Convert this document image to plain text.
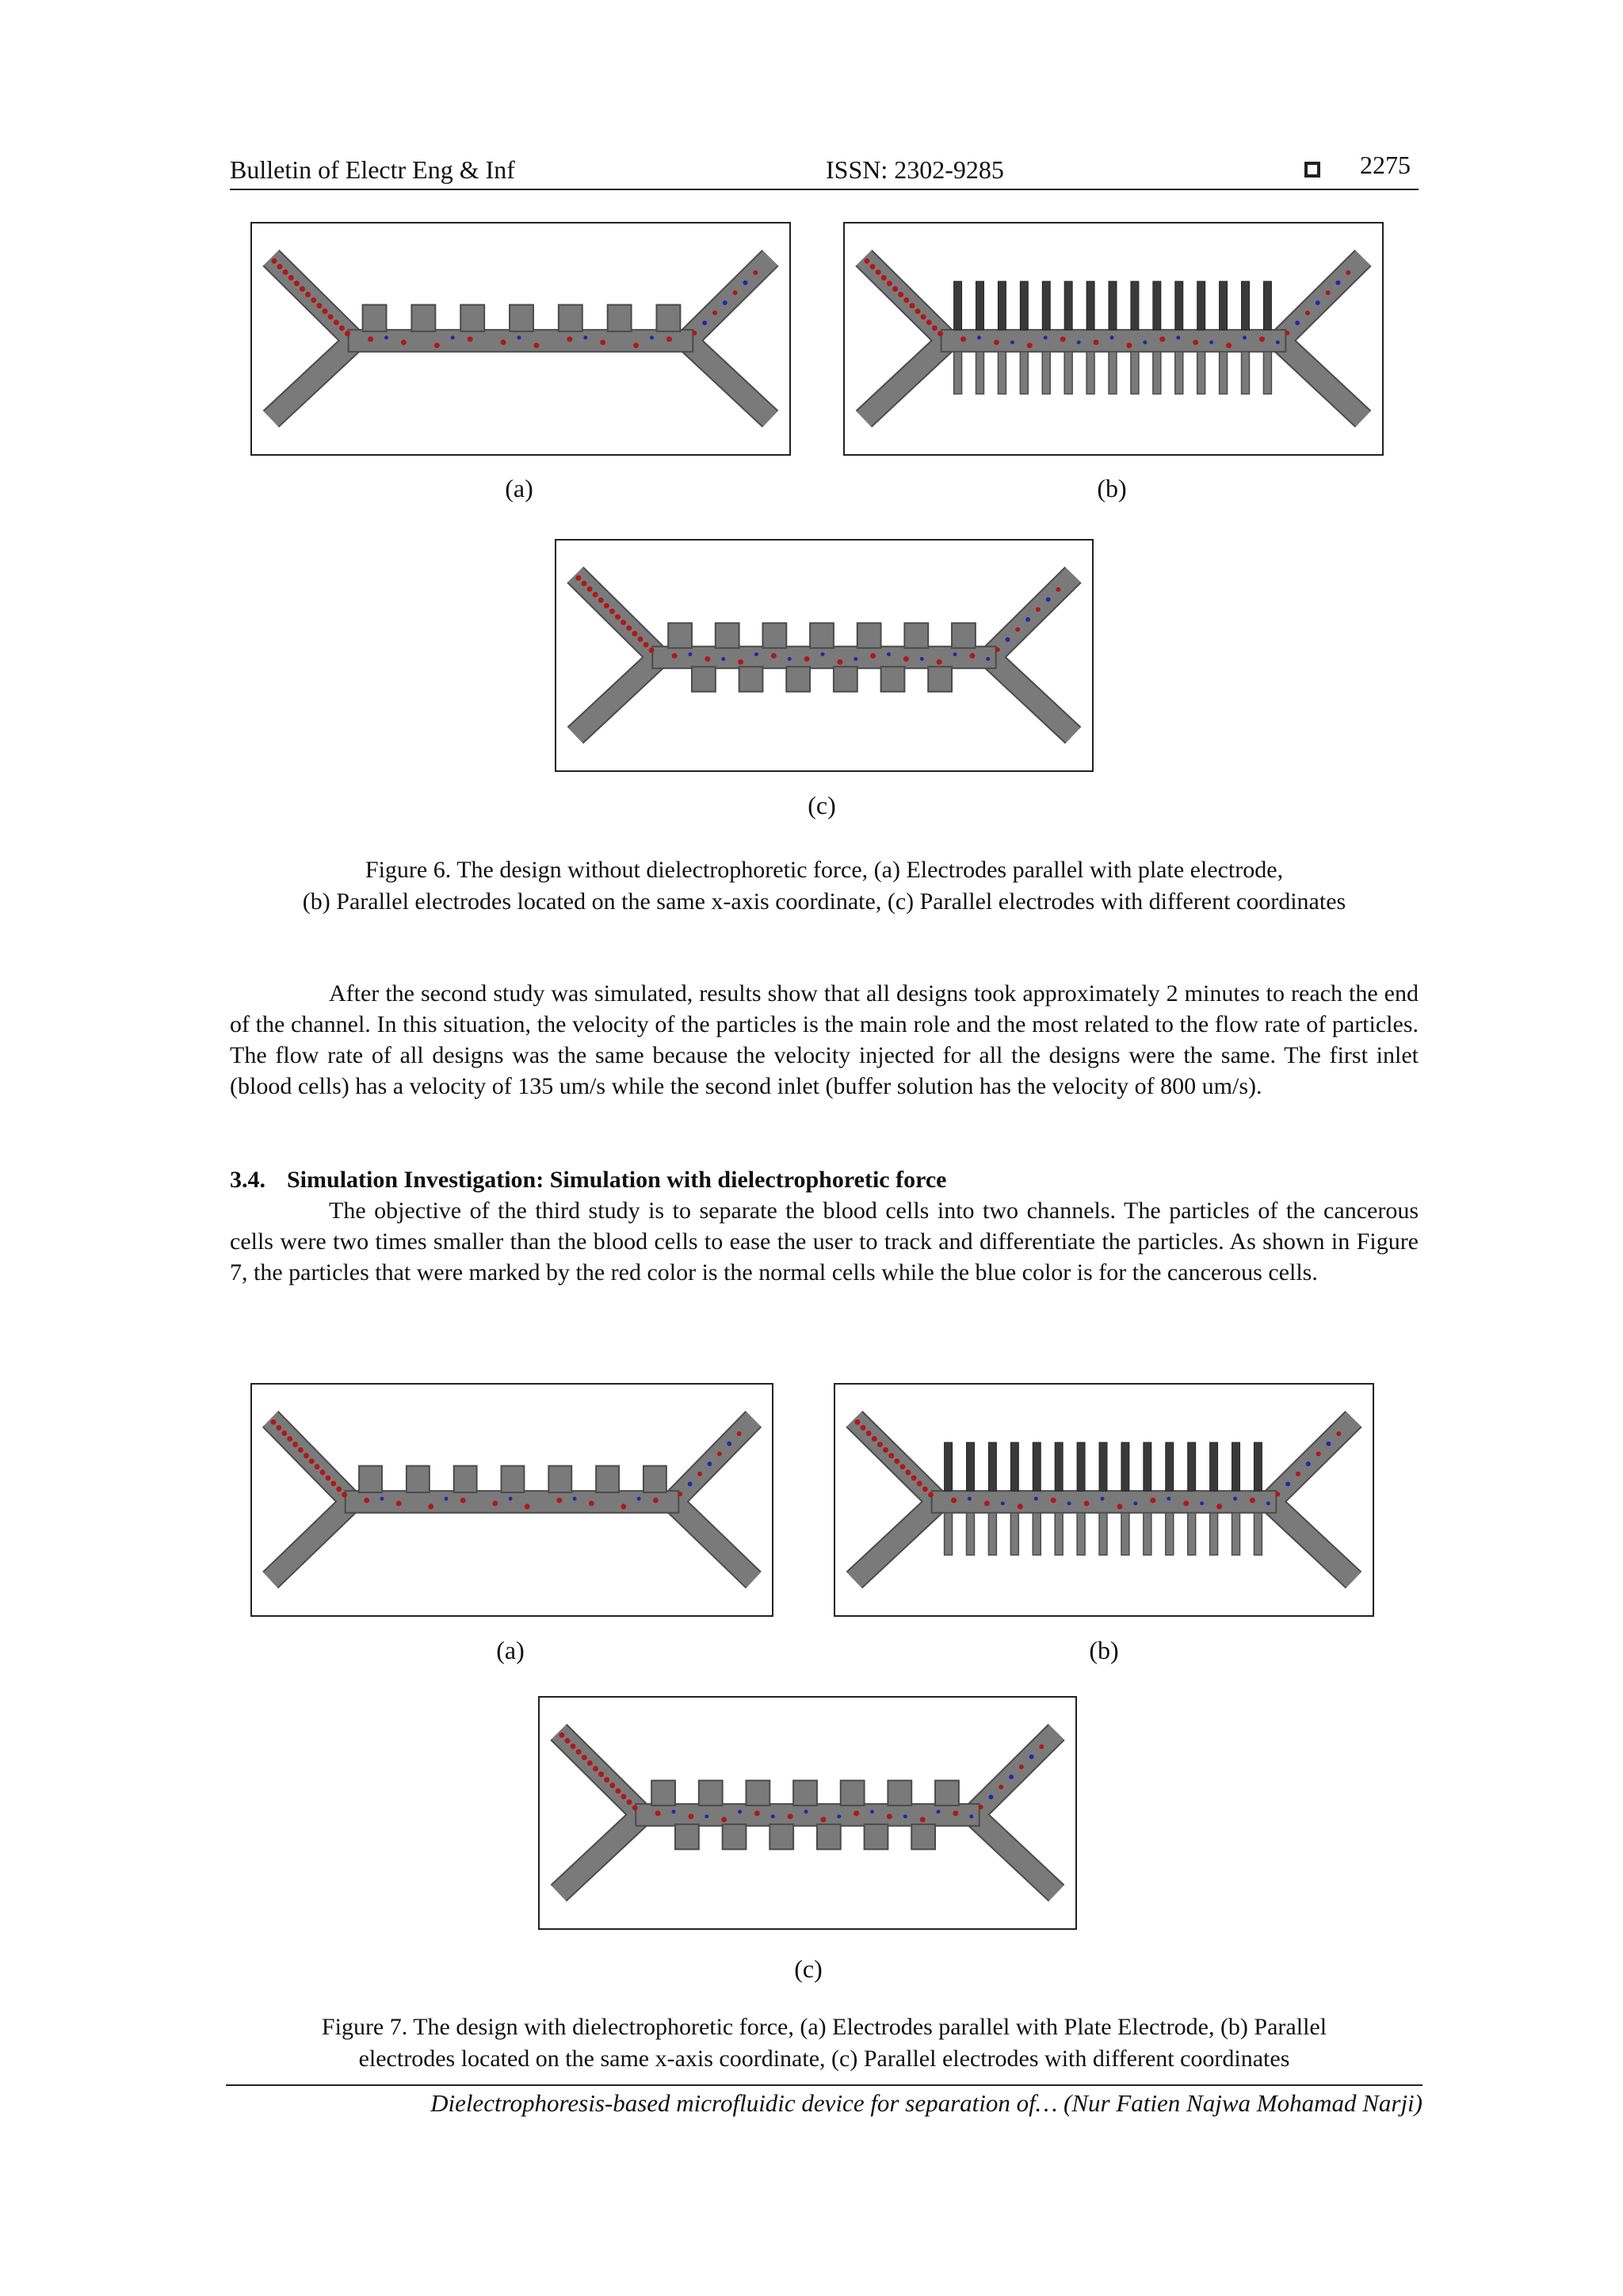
Bulletin of Electr Eng & Inf	ISSN: 2302-9285	2275
(a)	(b)
(c)
Figure 6. The design without dielectrophoretic force, (a) Electrodes parallel with plate electrode,
(b) Parallel electrodes located on the same x-axis coordinate, (c) Parallel electrodes with different coordinates

After the second study was simulated, results show that all designs took approximately 2 minutes to reach the end of the channel. In this situation, the velocity of the particles is the main role and the most related to the flow rate of particles. The flow rate of all designs was the same because the velocity injected for all the designs were the same. The first inlet (blood cells) has a velocity of 135 um/s while the second inlet (buffer solution has the velocity of 800 um/s).

3.4. Simulation Investigation: Simulation with dielectrophoretic force

The objective of the third study is to separate the blood cells into two channels. The particles of the cancerous cells were two times smaller than the blood cells to ease the user to track and differentiate the particles. As shown in Figure 7, the particles that were marked by the red color is the normal cells while the blue color is for the cancerous cells.

(a)	(b)
(c)
Figure 7. The design with dielectrophoretic force, (a) Electrodes parallel with Plate Electrode, (b) Parallel
electrodes located on the same x-axis coordinate, (c) Parallel electrodes with different coordinates
Dielectrophoresis-based microfluidic device for separation of… (Nur Fatien Najwa Mohamad Narji)
